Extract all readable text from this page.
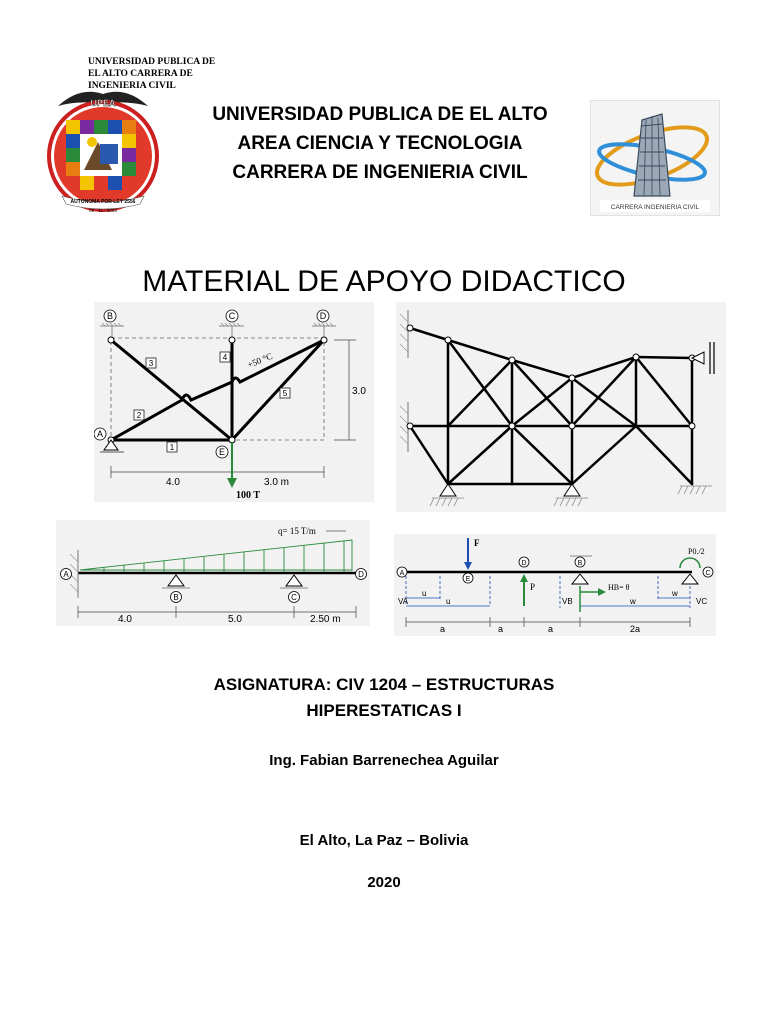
UNIVERSIDAD PUBLICA DE
EL ALTO CARRERA DE
INGENIERIA CIVIL
UPEA
AUTONOMA POR LEY 2556
05 - 11 - 2003
UNIVERSIDAD PUBLICA DE EL ALTO
AREA CIENCIA Y TECNOLOGIA
CARRERA DE INGENIERIA CIVIL
CARRERA INGENIERIA CIVIL
MATERIAL DE APOYO DIDACTICO
B	C	D
A
E
1
2
3
4
5
+50 °C
3.0
4.0	3.0 m
100 T
q= 15 T/m
A
B	C
D
4.0	5.0	2.50 m
F
P	HB= θ
P0./2
u
u	w
w
VA	VB	VC
A
E
D	B
C
a	a	a	2a
ASIGNATURA: CIV 1204 – ESTRUCTURAS
HIPERESTATICAS I
Ing. Fabian Barrenechea Aguilar
El Alto, La Paz – Bolivia
2020
